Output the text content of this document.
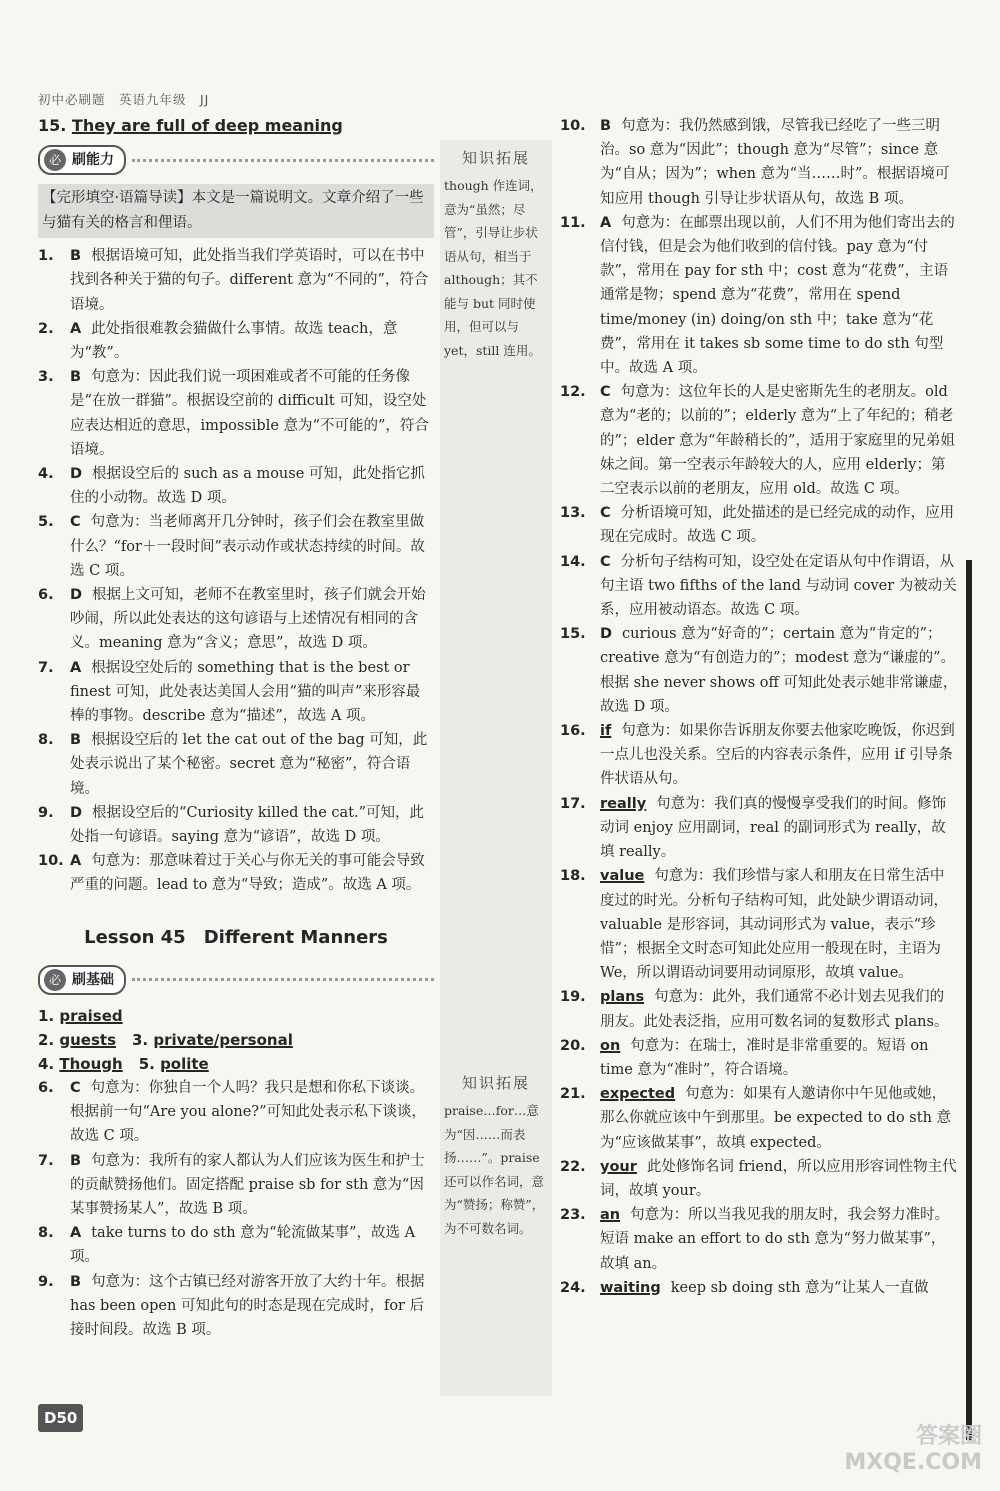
初中必刷题　英语九年级　JJ
15. They are full of deep meaning
必 刷能力
【完形填空·语篇导读】本文是一篇说明文。文章介绍了一些与猫有关的格言和俚语。
1. B 根据语境可知，此处指当我们学英语时，可以在书中找到各种关于猫的句子。different 意为“不同的”，符合语境。
2. A 此处指很难教会猫做什么事情。故选 teach，意为“教”。
3. B 句意为：因此我们说一项困难或者不可能的任务像是“在放一群猫”。根据设空前的 difficult 可知，设空处应表达相近的意思，impossible 意为“不可能的”，符合语境。
4. D 根据设空后的 such as a mouse 可知，此处指它抓住的小动物。故选 D 项。
5. C 句意为：当老师离开几分钟时，孩子们会在教室里做什么？“for＋一段时间”表示动作或状态持续的时间。故选 C 项。
6. D 根据上文可知，老师不在教室里时，孩子们就会开始吵闹，所以此处表达的这句谚语与上述情况有相同的含义。meaning 意为“含义；意思”，故选 D 项。
7. A 根据设空处后的 something that is the best or finest 可知，此处表达美国人会用“猫的叫声”来形容最棒的事物。describe 意为“描述”，故选 A 项。
8. B 根据设空后的 let the cat out of the bag 可知，此处表示说出了某个秘密。secret 意为“秘密”，符合语境。
9. D 根据设空后的“Curiosity killed the cat.”可知，此处指一句谚语。saying 意为“谚语”，故选 D 项。
10. A 句意为：那意味着过于关心与你无关的事可能会导致严重的问题。lead to 意为“导致；造成”。故选 A 项。
Lesson 45　Different Manners
必 刷基础
1. praised
2. guests 3. private/personal
4. Though 5. polite
6. C 句意为：你独自一个人吗？我只是想和你私下谈谈。根据前一句“Are you alone?”可知此处表示私下谈谈，故选 C 项。
7. B 句意为：我所有的家人都认为人们应该为医生和护士的贡献赞扬他们。固定搭配 praise sb for sth 意为“因某事赞扬某人”，故选 B 项。
8. A take turns to do sth 意为“轮流做某事”，故选 A 项。
9. B 句意为：这个古镇已经对游客开放了大约十年。根据 has been open 可知此句的时态是现在完成时，for 后接时间段。故选 B 项。
知识拓展
though 作连词，意为“虽然；尽管”，引导让步状语从句，相当于 although；其不能与 but 同时使用，但可以与 yet，still 连用。
知识拓展
praise…for…意为“因……而表扬……”。praise 还可以作名词，意为“赞扬；称赞”，为不可数名词。
10. B 句意为：我仍然感到饿，尽管我已经吃了一些三明治。so 意为“因此”；though 意为“尽管”；since 意为“自从；因为”；when 意为“当……时”。根据语境可知应用 though 引导让步状语从句，故选 B 项。
11. A 句意为：在邮票出现以前，人们不用为他们寄出去的信付钱，但是会为他们收到的信付钱。pay 意为“付款”，常用在 pay for sth 中；cost 意为“花费”，主语通常是物；spend 意为“花费”，常用在 spend time/money (in) doing/on sth 中；take 意为“花费”，常用在 it takes sb some time to do sth 句型中。故选 A 项。
12. C 句意为：这位年长的人是史密斯先生的老朋友。old 意为“老的；以前的”；elderly 意为“上了年纪的；稍老的”；elder 意为“年龄稍长的”，适用于家庭里的兄弟姐妹之间。第一空表示年龄较大的人，应用 elderly；第二空表示以前的老朋友，应用 old。故选 C 项。
13. C 分析语境可知，此处描述的是已经完成的动作，应用现在完成时。故选 C 项。
14. C 分析句子结构可知，设空处在定语从句中作谓语，从句主语 two fifths of the land 与动词 cover 为被动关系，应用被动语态。故选 C 项。
15. D curious 意为“好奇的”；certain 意为“肯定的”；creative 意为“有创造力的”；modest 意为“谦虚的”。根据 she never shows off 可知此处表示她非常谦虚，故选 D 项。
16. if 句意为：如果你告诉朋友你要去他家吃晚饭，你迟到一点儿也没关系。空后的内容表示条件，应用 if 引导条件状语从句。
17. really 句意为：我们真的慢慢享受我们的时间。修饰动词 enjoy 应用副词，real 的副词形式为 really，故填 really。
18. value 句意为：我们珍惜与家人和朋友在日常生活中度过的时光。分析句子结构可知，此处缺少谓语动词，valuable 是形容词，其动词形式为 value，表示“珍惜”；根据全文时态可知此处应用一般现在时，主语为 We，所以谓语动词要用动词原形，故填 value。
19. plans 句意为：此外，我们通常不必计划去见我们的朋友。此处表泛指，应用可数名词的复数形式 plans。
20. on 句意为：在瑞士，准时是非常重要的。短语 on time 意为“准时”，符合语境。
21. expected 句意为：如果有人邀请你中午见他或她，那么你就应该中午到那里。be expected to do sth 意为“应该做某事”，故填 expected。
22. your 此处修饰名词 friend，所以应用形容词性物主代词，故填 your。
23. an 句意为：所以当我见我的朋友时，我会努力准时。短语 make an effort to do sth 意为“努力做某事”，故填 an。
24. waiting keep sb doing sth 意为“让某人一直做
D50
答案圈
MXQE.COM
